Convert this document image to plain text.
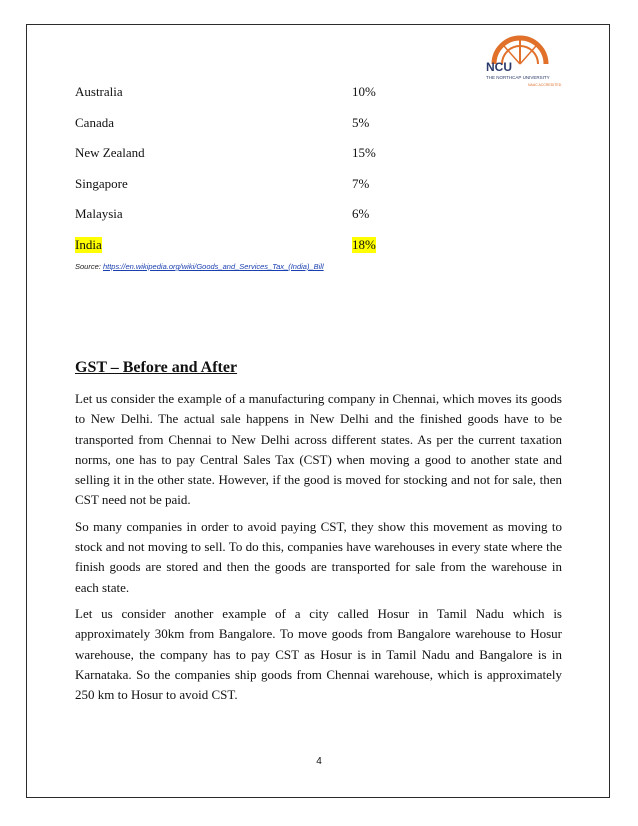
NCU
THE NORTHCAP UNIVERSITY
NAAC ACCREDITED
Australia	10%
Canada	5%
New Zealand	15%
Singapore	7%
Malaysia	6%
India	18%
Source: https://en.wikipedia.org/wiki/Goods_and_Services_Tax_(India)_Bill
GST – Before and After

Let us consider the example of a manufacturing company in Chennai, which moves its goods to New Delhi. The actual sale happens in New Delhi and the finished goods have to be transported from Chennai to New Delhi across different states. As per the current taxation norms, one has to pay Central Sales Tax (CST) when moving a good to another state and selling it in the other state. However, if the good is moved for stocking and not for sale, then CST need not be paid.

So many companies in order to avoid paying CST, they show this movement as moving to stock and not moving to sell. To do this, companies have warehouses in every state where the finish goods are stored and then the goods are transported for sale from the warehouse in each state.

Let us consider another example of a city called Hosur in Tamil Nadu which is approximately 30km from Bangalore. To move goods from Bangalore warehouse to Hosur warehouse, the company has to pay CST as Hosur is in Tamil Nadu and Bangalore is in Karnataka. So the companies ship goods from Chennai warehouse, which is approximately 250 km to Hosur to avoid CST.

4
